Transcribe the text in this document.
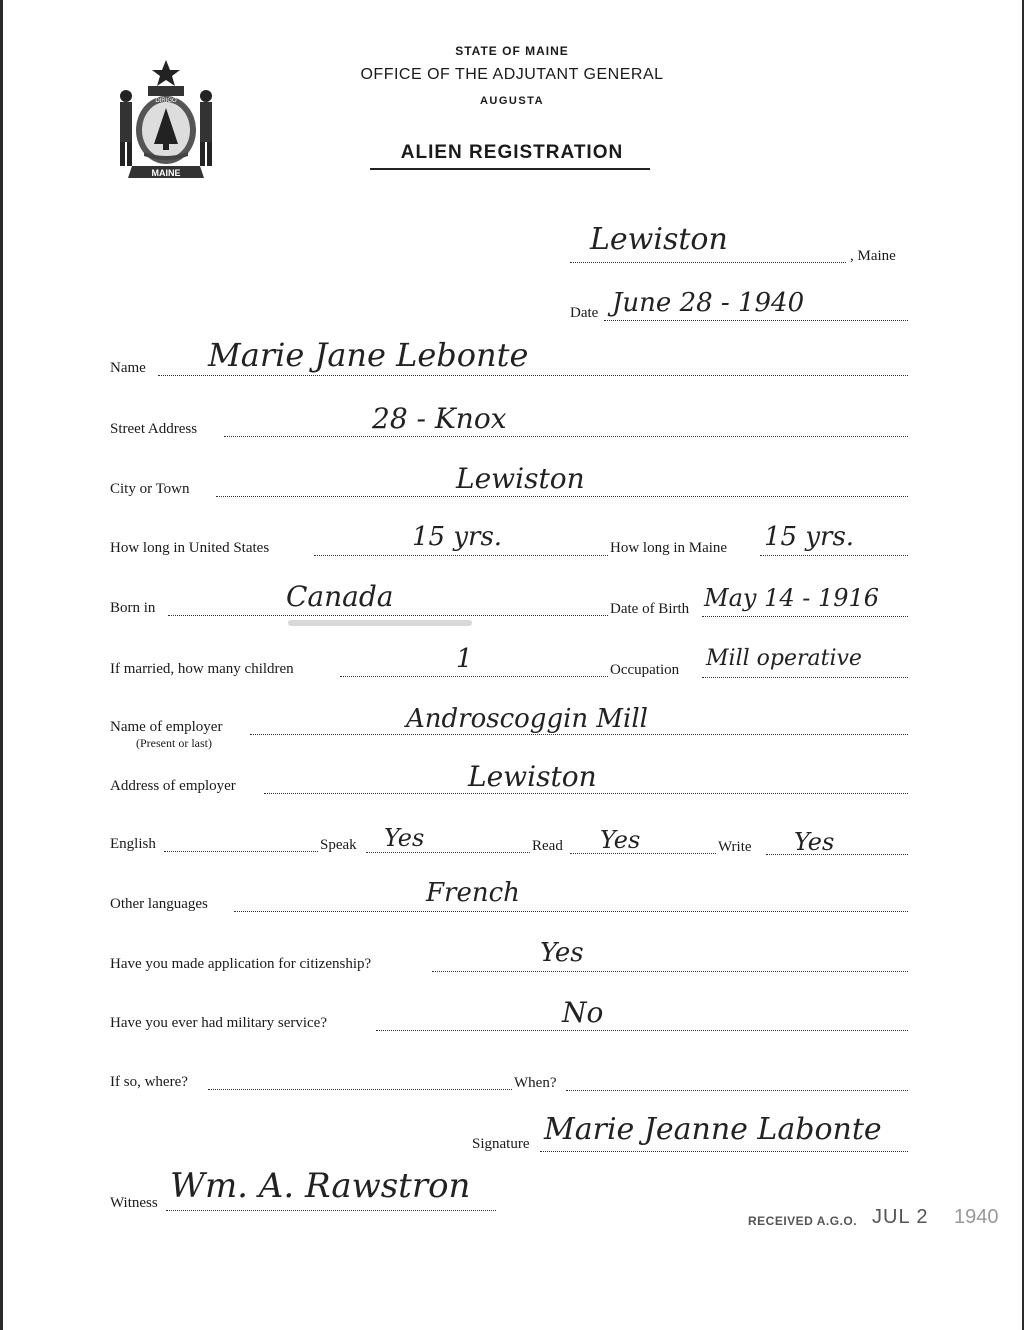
MAINE
DIRIGO
STATE OF MAINE
OFFICE OF THE ADJUTANT GENERAL
AUGUSTA
ALIEN REGISTRATION
Lewiston	, Maine
Date June 28 - 1940
Name Marie Jane Lebonte
Street Address	28 - Knox
City or Town	Lewiston
How long in United States	15 yrs.	How long in Maine 15 yrs.
Born in	Canada	Date of Birth May 14 - 1916
If married, how many children	1	Occupation Mill operative
Name of employer
(Present or last)
Androscoggin Mill
Address of employer	Lewiston
English	Speak Yes	Read Yes	Write Yes
Other languages	French
Have you made application for citizenship?	Yes
Have you ever had military service?	No
If so, where?	When?
Signature Marie Jeanne Labonte
Witness Wm. A. Rawstron
RECEIVED A.G.O. JUL 2 1940
